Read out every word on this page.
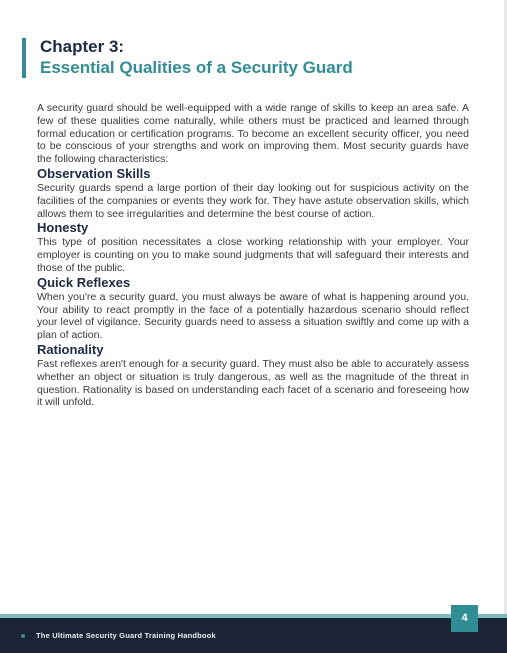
Chapter 3:
Essential Qualities of a Security Guard

A security guard should be well-equipped with a wide range of skills to keep an area safe. A few of these qualities come naturally, while others must be practiced and learned through formal education or certification programs. To become an excellent security officer, you need to be conscious of your strengths and work on improving them. Most security guards have the following characteristics:

Observation Skills

Security guards spend a large portion of their day looking out for suspicious activity on the facilities of the companies or events they work for. They have astute observation skills, which allows them to see irregularities and determine the best course of action.

Honesty

This type of position necessitates a close working relationship with your employer. Your employer is counting on you to make sound judgments that will safeguard their interests and those of the public.

Quick Reflexes

When you're a security guard, you must always be aware of what is happening around you. Your ability to react promptly in the face of a potentially hazardous scenario should reflect your level of vigilance. Security guards need to assess a situation swiftly and come up with a plan of action.

Rationality

Fast reflexes aren't enough for a security guard. They must also be able to accurately assess whether an object or situation is truly dangerous, as well as the magnitude of the threat in question. Rationality is based on understanding each facet of a scenario and foreseeing how it will unfold.

The Ultimate Security Guard Training Handbook
4
